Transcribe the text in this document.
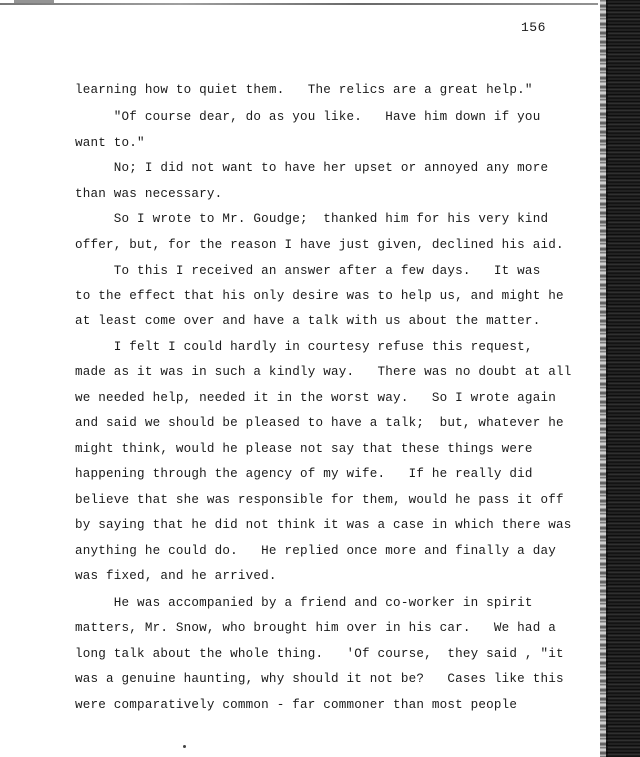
156
learning how to quiet them.   The relics are a great help."
"Of course dear, do as you like.   Have him down if you
want to."
No; I did not want to have her upset or annoyed any more
than was necessary.
So I wrote to Mr. Goudge;  thanked him for his very kind
offer, but, for the reason I have just given, declined his aid.
To this I received an answer after a few days.   It was
to the effect that his only desire was to help us, and might he
at least come over and have a talk with us about the matter.
I felt I could hardly in courtesy refuse this request,
made as it was in such a kindly way.   There was no doubt at all
we needed help, needed it in the worst way.   So I wrote again
and said we should be pleased to have a talk;  but, whatever he
might think, would he please not say that these things were
happening through the agency of my wife.   If he really did
believe that she was responsible for them, would he pass it off
by saying that he did not think it was a case in which there was
anything he could do.   He replied once more and finally a day
was fixed, and he arrived.
He was accompanied by a friend and co-worker in spirit
matters, Mr. Snow, who brought him over in his car.   We had a
long talk about the whole thing.   'Of course,  they said , "it
was a genuine haunting, why should it not be?   Cases like this
were comparatively common - far commoner than most people
